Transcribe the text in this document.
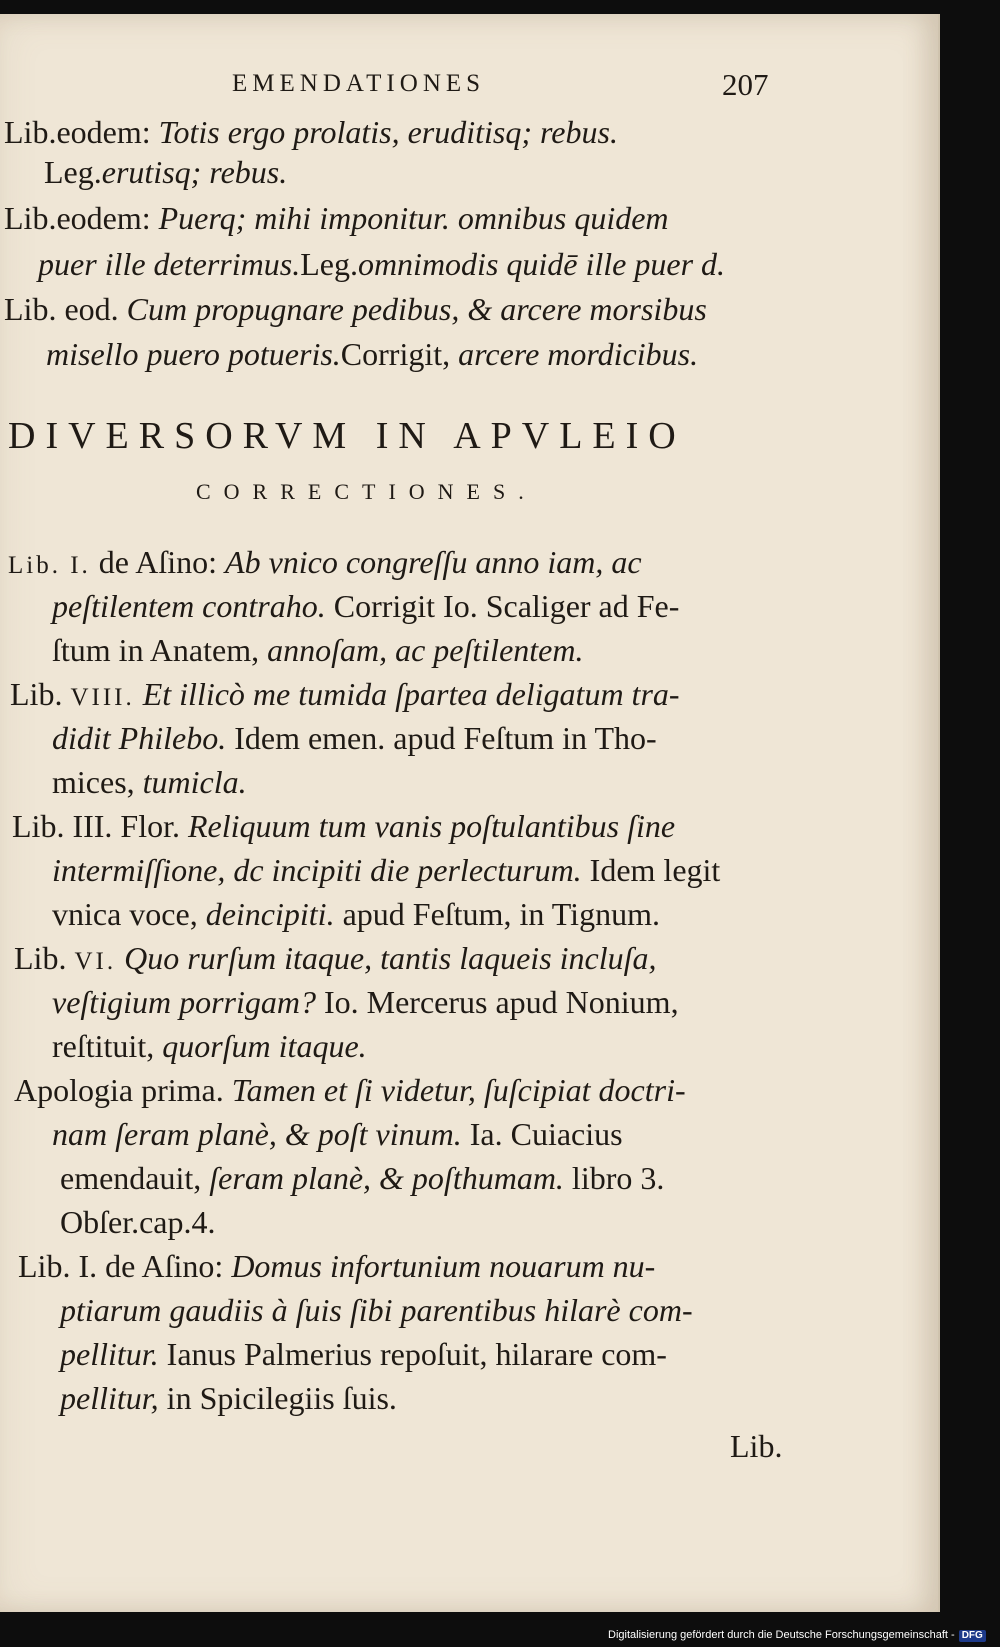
EMENDATIONES	207
Lib.eodem: Totis ergo prolatis, eruditisq; rebus.
Leg.erutisq; rebus.
Lib.eodem: Puerq; mihi imponitur. omnibus quidem
puer ille deterrimus.Leg.omnimodis quidē ille puer d.
Lib. eod. Cum propugnare pedibus, & arcere morsibus
misello puero potueris.Corrigit, arcere mordicibus.
DIVERSORVM IN APVLEIO
CORRECTIONES.
Lib. I. de Aſino: Ab vnico congreſſu anno iam, ac
peſtilentem contraho. Corrigit Io. Scaliger ad Fe-
ſtum in Anatem, annoſam, ac peſtilentem.
Lib. VIII. Et illicò me tumida ſpartea deligatum tra-
didit Philebo. Idem emen. apud Feſtum in Tho-
mices, tumicla.
Lib. III. Flor. Reliquum tum vanis poſtulantibus ſine
intermiſſione, dc incipiti die perlecturum. Idem legit
vnica voce, deincipiti. apud Feſtum, in Tignum.
Lib. VI. Quo rurſum itaque, tantis laqueis incluſa,
veſtigium porrigam? Io. Mercerus apud Nonium,
reſtituit, quorſum itaque.
Apologia prima. Tamen et ſi videtur, ſuſcipiat doctri-
nam ſeram planè, & poſt vinum. Ia. Cuiacius
emendauit, ſeram planè, & poſthumam. libro 3.
Obſer.cap.4.
Lib. I. de Aſino: Domus infortunium nouarum nu-
ptiarum gaudiis à ſuis ſibi parentibus hilarè com-
pellitur. Ianus Palmerius repoſuit, hilarare com-
pellitur, in Spicilegiis ſuis.
Lib.
Digitalisierung gefördert durch die Deutsche Forschungsgemeinschaft - DFG
